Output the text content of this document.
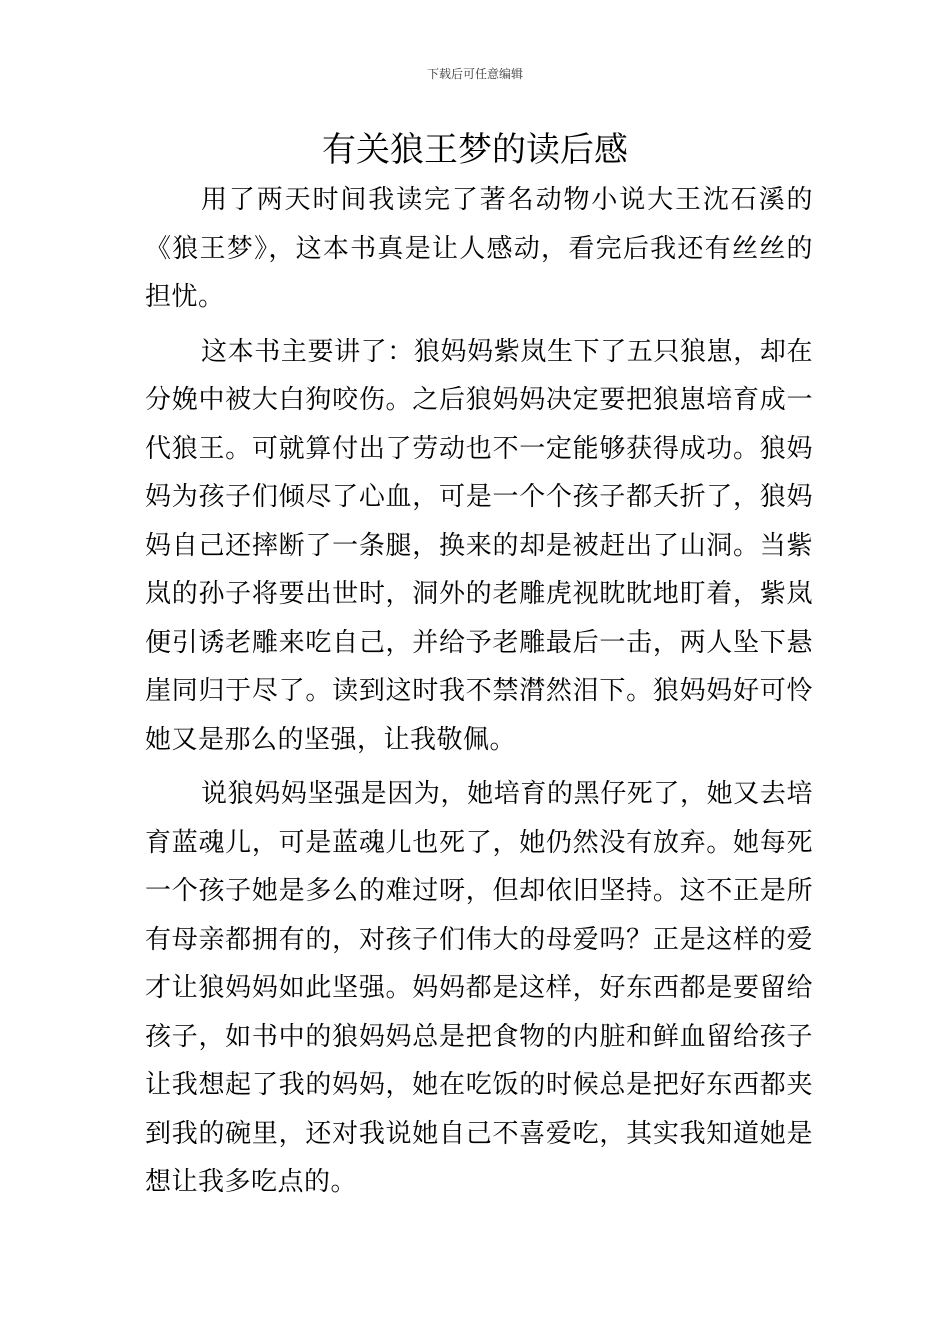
下载后可任意编辑
有关狼王梦的读后感

用了两天时间我读完了著名动物小说大王沈石溪的《狼王梦》，这本书真是让人感动，看完后我还有丝丝的担忧。

这本书主要讲了：狼妈妈紫岚生下了五只狼崽，却在分娩中被大白狗咬伤。之后狼妈妈决定要把狼崽培育成一代狼王。可就算付出了劳动也不一定能够获得成功。狼妈妈为孩子们倾尽了心血，可是一个个孩子都夭折了，狼妈妈自己还摔断了一条腿，换来的却是被赶出了山洞。当紫岚的孙子将要出世时，洞外的老雕虎视眈眈地盯着，紫岚便引诱老雕来吃自己，并给予老雕最后一击，两人坠下悬崖同归于尽了。读到这时我不禁潸然泪下。狼妈妈好可怜她又是那么的坚强，让我敬佩。

说狼妈妈坚强是因为，她培育的黑仔死了，她又去培育蓝魂儿，可是蓝魂儿也死了，她仍然没有放弃。她每死一个孩子她是多么的难过呀，但却依旧坚持。这不正是所有母亲都拥有的，对孩子们伟大的母爱吗？正是这样的爱才让狼妈妈如此坚强。妈妈都是这样，好东西都是要留给孩子，如书中的狼妈妈总是把食物的内脏和鲜血留给孩子让我想起了我的妈妈，她在吃饭的时候总是把好东西都夹到我的碗里，还对我说她自己不喜爱吃，其实我知道她是想让我多吃点的。
